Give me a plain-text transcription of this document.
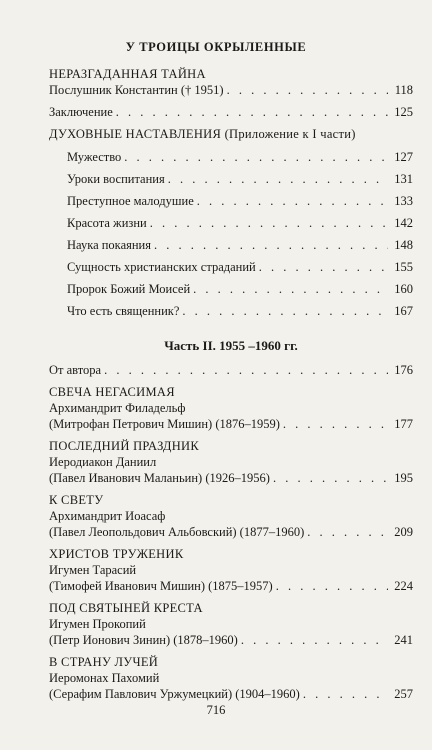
У ТРОИЦЫ ОКРЫЛЕННЫЕ
НЕРАЗГАДАННАЯ ТАЙНА
Послушник Константин († 1951) . . .	118
Заключение . . .	125
ДУХОВНЫЕ НАСТАВЛЕНИЯ (Приложение к I части)
Мужество . . .	127
Уроки воспитания . . .	131
Преступное малодушие . . .	133
Красота жизни . . .	142
Наука покаяния . . .	148
Сущность христианских страданий . . .	155
Пророк Божий Моисей . . .	160
Что есть священник? . . .	167
Часть II. 1955 –1960 гг.
От автора . . .	176
СВЕЧА НЕГАСИМАЯ
Архимандрит Филадельф
(Митрофан Петрович Мишин) (1876–1959) . . .	177
ПОСЛЕДНИЙ ПРАЗДНИК
Иеродиакон Даниил
(Павел Иванович Маланьин) (1926–1956) . . .	195
К СВЕТУ
Архимандрит Иоасаф
(Павел Леопольдович Альбовский) (1877–1960) . . .	209
ХРИСТОВ ТРУЖЕНИК
Игумен Тарасий
(Тимофей Иванович Мишин) (1875–1957) . . .	224
ПОД СВЯТЫНЕЙ КРЕСТА
Игумен Прокопий
(Петр Ионович Зинин) (1878–1960) . . .	241
В СТРАНУ ЛУЧЕЙ
Иеромонах Пахомий
(Серафим Павлович Уржумецкий) (1904–1960) . . .	257
716
